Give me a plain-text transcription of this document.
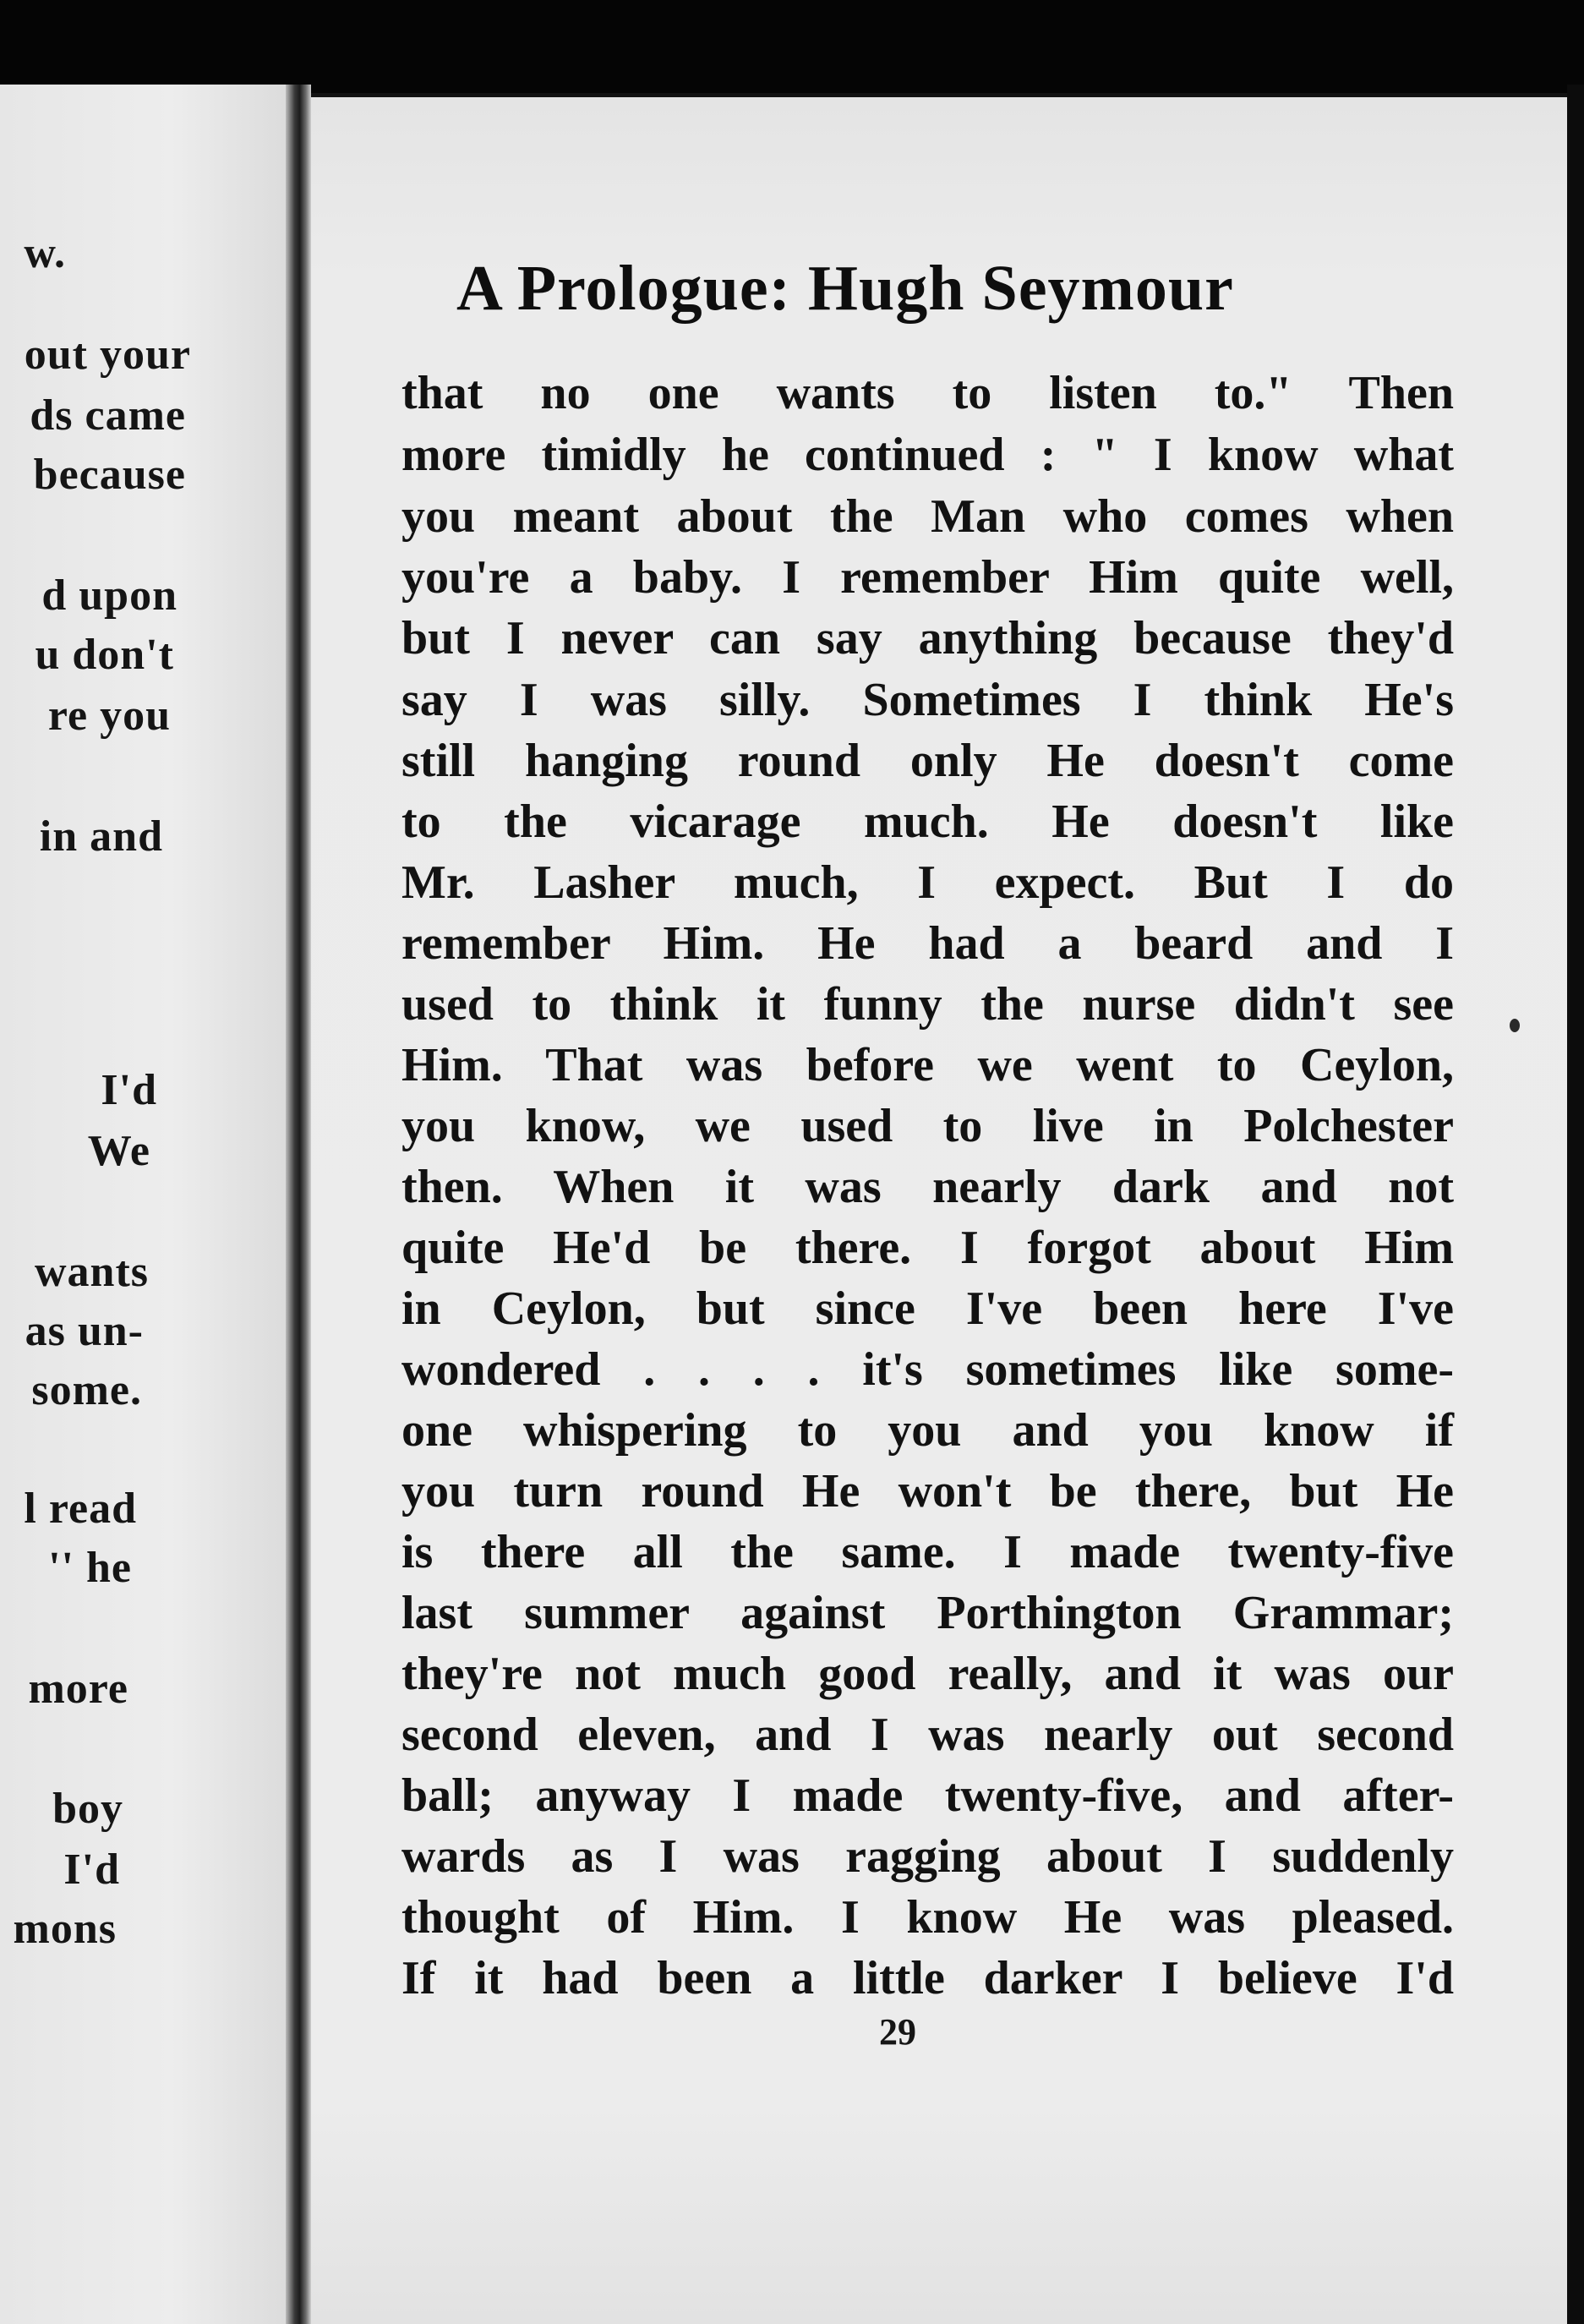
w.
out your
ds came
because
d upon
u don't
re you
in and
I'd
We
wants
as un-
some.
l read
'' he
more
boy
I'd
mons
A Prologue: Hugh Seymour
that no one wants to listen to." Then
more timidly he continued : " I know what
you meant about the Man who comes when
you're a baby. I remember Him quite well,
but I never can say anything because they'd
say I was silly. Sometimes I think He's
still hanging round only He doesn't come
to the vicarage much. He doesn't like
Mr. Lasher much, I expect. But I do
remember Him. He had a beard and I
used to think it funny the nurse didn't see
Him. That was before we went to Ceylon,
you know, we used to live in Polchester
then. When it was nearly dark and not
quite He'd be there. I forgot about Him
in Ceylon, but since I've been here I've
wondered . . . . it's sometimes like some-
one whispering to you and you know if
you turn round He won't be there, but He
is there all the same. I made twenty-five
last summer against Porthington Grammar;
they're not much good really, and it was our
second eleven, and I was nearly out second
ball; anyway I made twenty-five, and after-
wards as I was ragging about I suddenly
thought of Him. I know He was pleased.
If it had been a little darker I believe I'd
29
